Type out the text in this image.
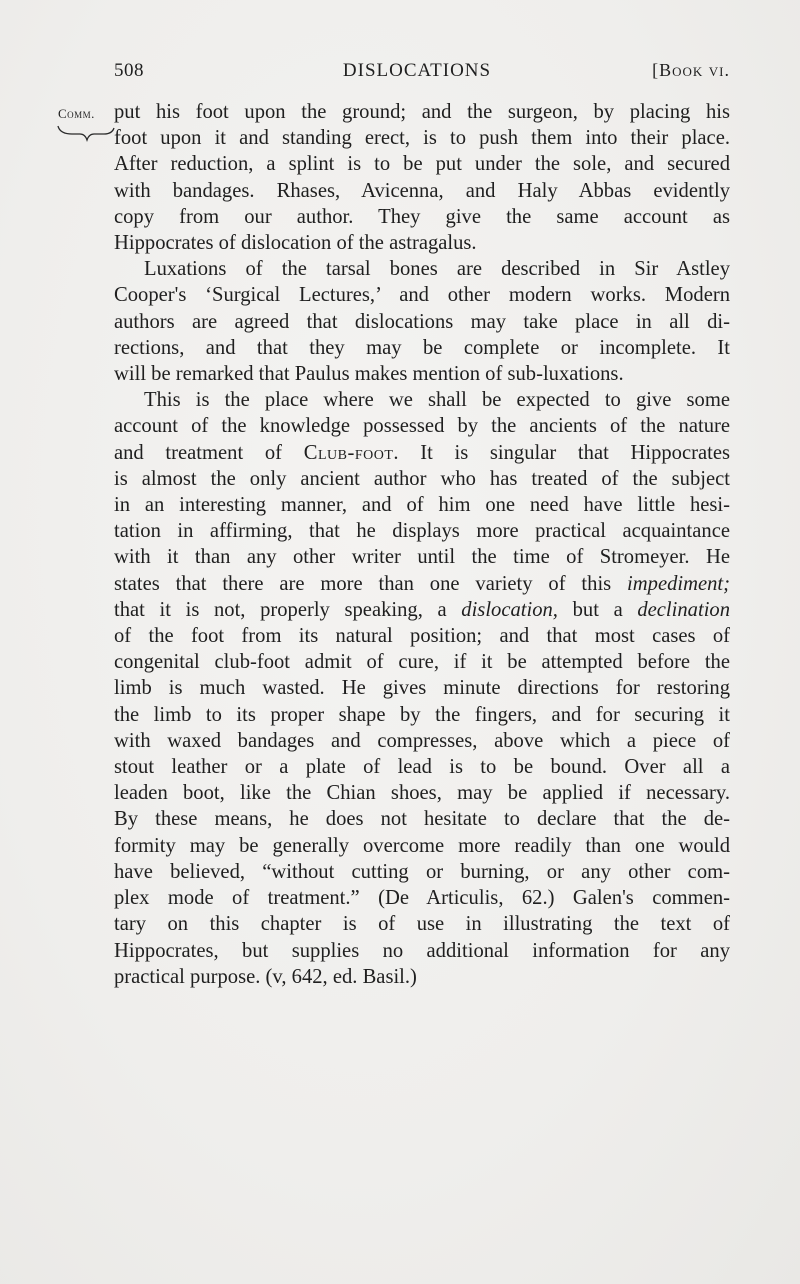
508	DISLOCATIONS	[Book vi.
Comm. put his foot upon the ground; and the surgeon, by placing his

foot upon it and standing erect, is to push them into their place.

After reduction, a splint is to be put under the sole, and secured

with bandages. Rhases, Avicenna, and Haly Abbas evidently

copy from our author. They give the same account as

Hippocrates of dislocation of the astragalus.

Luxations of the tarsal bones are described in Sir Astley

Cooper's ‘Surgical Lectures,’ and other modern works. Modern

authors are agreed that dislocations may take place in all di-

rections, and that they may be complete or incomplete. It

will be remarked that Paulus makes mention of sub-luxations.

This is the place where we shall be expected to give some

account of the knowledge possessed by the ancients of the nature

and treatment of Club-foot. It is singular that Hippocrates

is almost the only ancient author who has treated of the subject

in an interesting manner, and of him one need have little hesi-

tation in affirming, that he displays more practical acquaintance

with it than any other writer until the time of Stromeyer. He

states that there are more than one variety of this impediment;

that it is not, properly speaking, a dislocation, but a declination

of the foot from its natural position; and that most cases of

congenital club-foot admit of cure, if it be attempted before the

limb is much wasted. He gives minute directions for restoring

the limb to its proper shape by the fingers, and for securing it

with waxed bandages and compresses, above which a piece of

stout leather or a plate of lead is to be bound. Over all a

leaden boot, like the Chian shoes, may be applied if necessary.

By these means, he does not hesitate to declare that the de-

formity may be generally overcome more readily than one would

have believed, “without cutting or burning, or any other com-

plex mode of treatment.” (De Articulis, 62.) Galen's commen-

tary on this chapter is of use in illustrating the text of

Hippocrates, but supplies no additional information for any

practical purpose. (v, 642, ed. Basil.)
